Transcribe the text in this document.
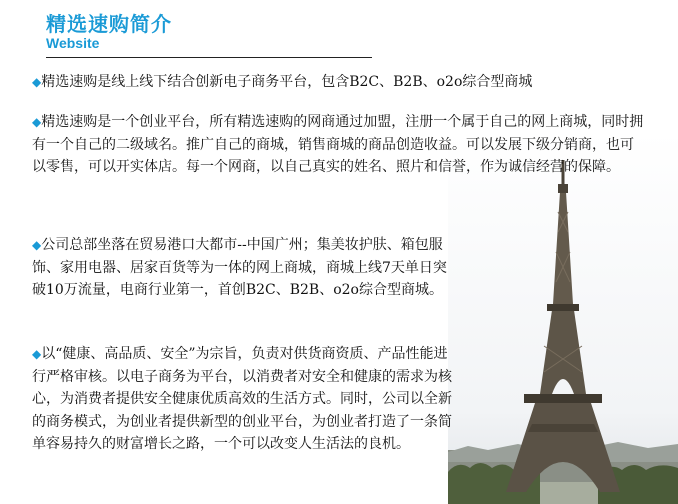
精选速购简介
Website

◆精选速购是线上线下结合创新电子商务平台，包含B2C、B2B、o2o综合型商城

◆精选速购是一个创业平台，所有精选速购的网商通过加盟，注册一个属于自己的网上商城，同时拥有一个自己的二级域名。推广自己的商城，销售商城的商品创造收益。可以发展下级分销商，也可以零售，可以开实体店。每一个网商，以自己真实的姓名、照片和信誉，作为诚信经营的保障。

◆公司总部坐落在贸易港口大都市--中国广州；集美妆护肤、箱包服饰、家用电器、居家百货等为一体的网上商城，商城上线7天单日突破10万流量，电商行业第一，首创B2C、B2B、o2o综合型商城。

◆以“健康、高品质、安全”为宗旨，负责对供货商资质、产品性能进行严格审核。以电子商务为平台，以消费者对安全和健康的需求为核心，为消费者提供安全健康优质高效的生活方式。同时，公司以全新的商务模式，为创业者提供新型的创业平台，为创业者打造了一条简单容易持久的财富增长之路，一个可以改变人生活法的良机。
